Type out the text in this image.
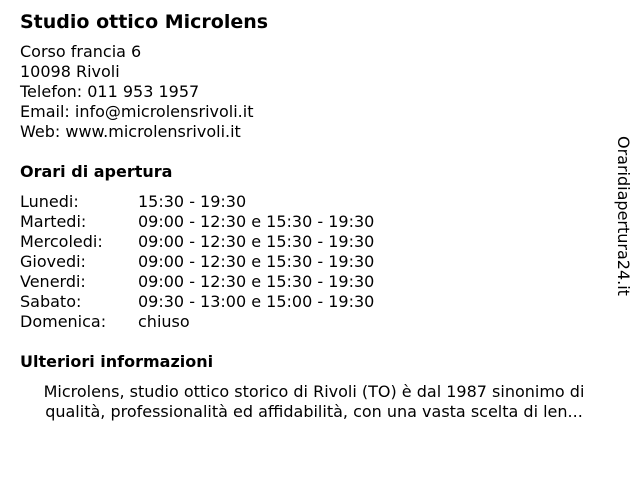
Studio ottico Microlens
Corso francia 6
10098 Rivoli
Telefon: 011 953 1957
Email: info@microlensrivoli.it
Web: www.microlensrivoli.it
Orari di apertura
Lunedi:	15:30 - 19:30
Martedi:	09:00 - 12:30 e 15:30 - 19:30
Mercoledi: 09:00 - 12:30 e 15:30 - 19:30
Giovedi:	09:00 - 12:30 e 15:30 - 19:30
Venerdi:	09:00 - 12:30 e 15:30 - 19:30
Sabato:	09:30 - 13:00 e 15:00 - 19:30
Domenica: chiuso
Ulteriori informazioni
Microlens, studio ottico storico di Rivoli (TO) è dal 1987 sinonimo di qualità, professionalità ed affidabilità, con una vasta scelta di len...
Oraridiapertura24.it
